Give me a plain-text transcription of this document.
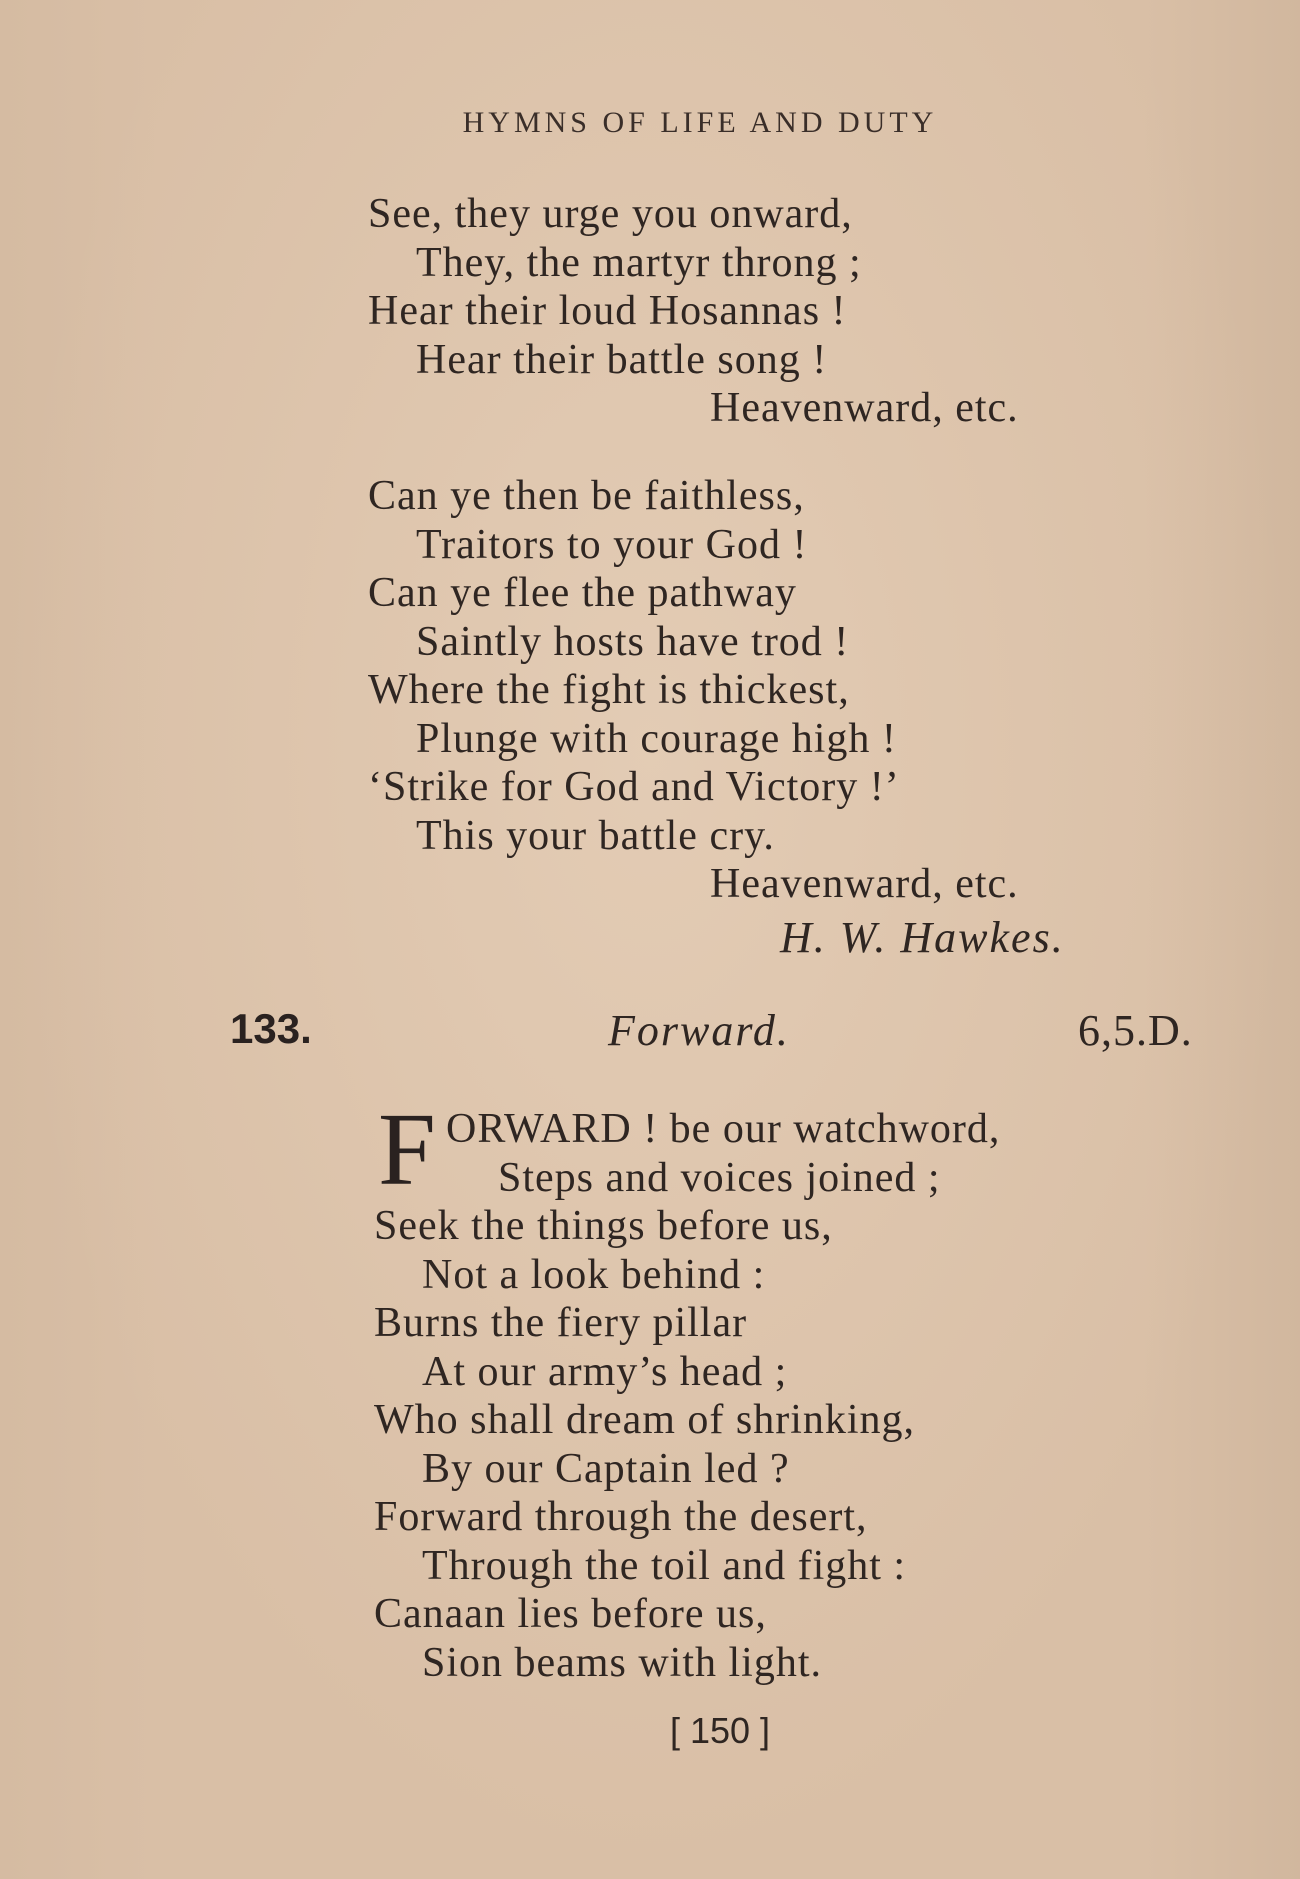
HYMNS OF LIFE AND DUTY
See, they urge you onward,
They, the martyr throng ;
Hear their loud Hosannas !
Hear their battle song !
Heavenward, etc.
Can ye then be faithless,
Traitors to your God !
Can ye flee the pathway
Saintly hosts have trod !
Where the fight is thickest,
Plunge with courage high !
‘Strike for God and Victory !’
This your battle cry.
Heavenward, etc.
H. W. Hawkes.
133.	Forward.	6,5.D.
F ORWARD ! be our watchword,
Steps and voices joined ;
Seek the things before us,
Not a look behind :
Burns the fiery pillar
At our army’s head ;
Who shall dream of shrinking,
By our Captain led ?
Forward through the desert,
Through the toil and fight :
Canaan lies before us,
Sion beams with light.
[ 150 ]
